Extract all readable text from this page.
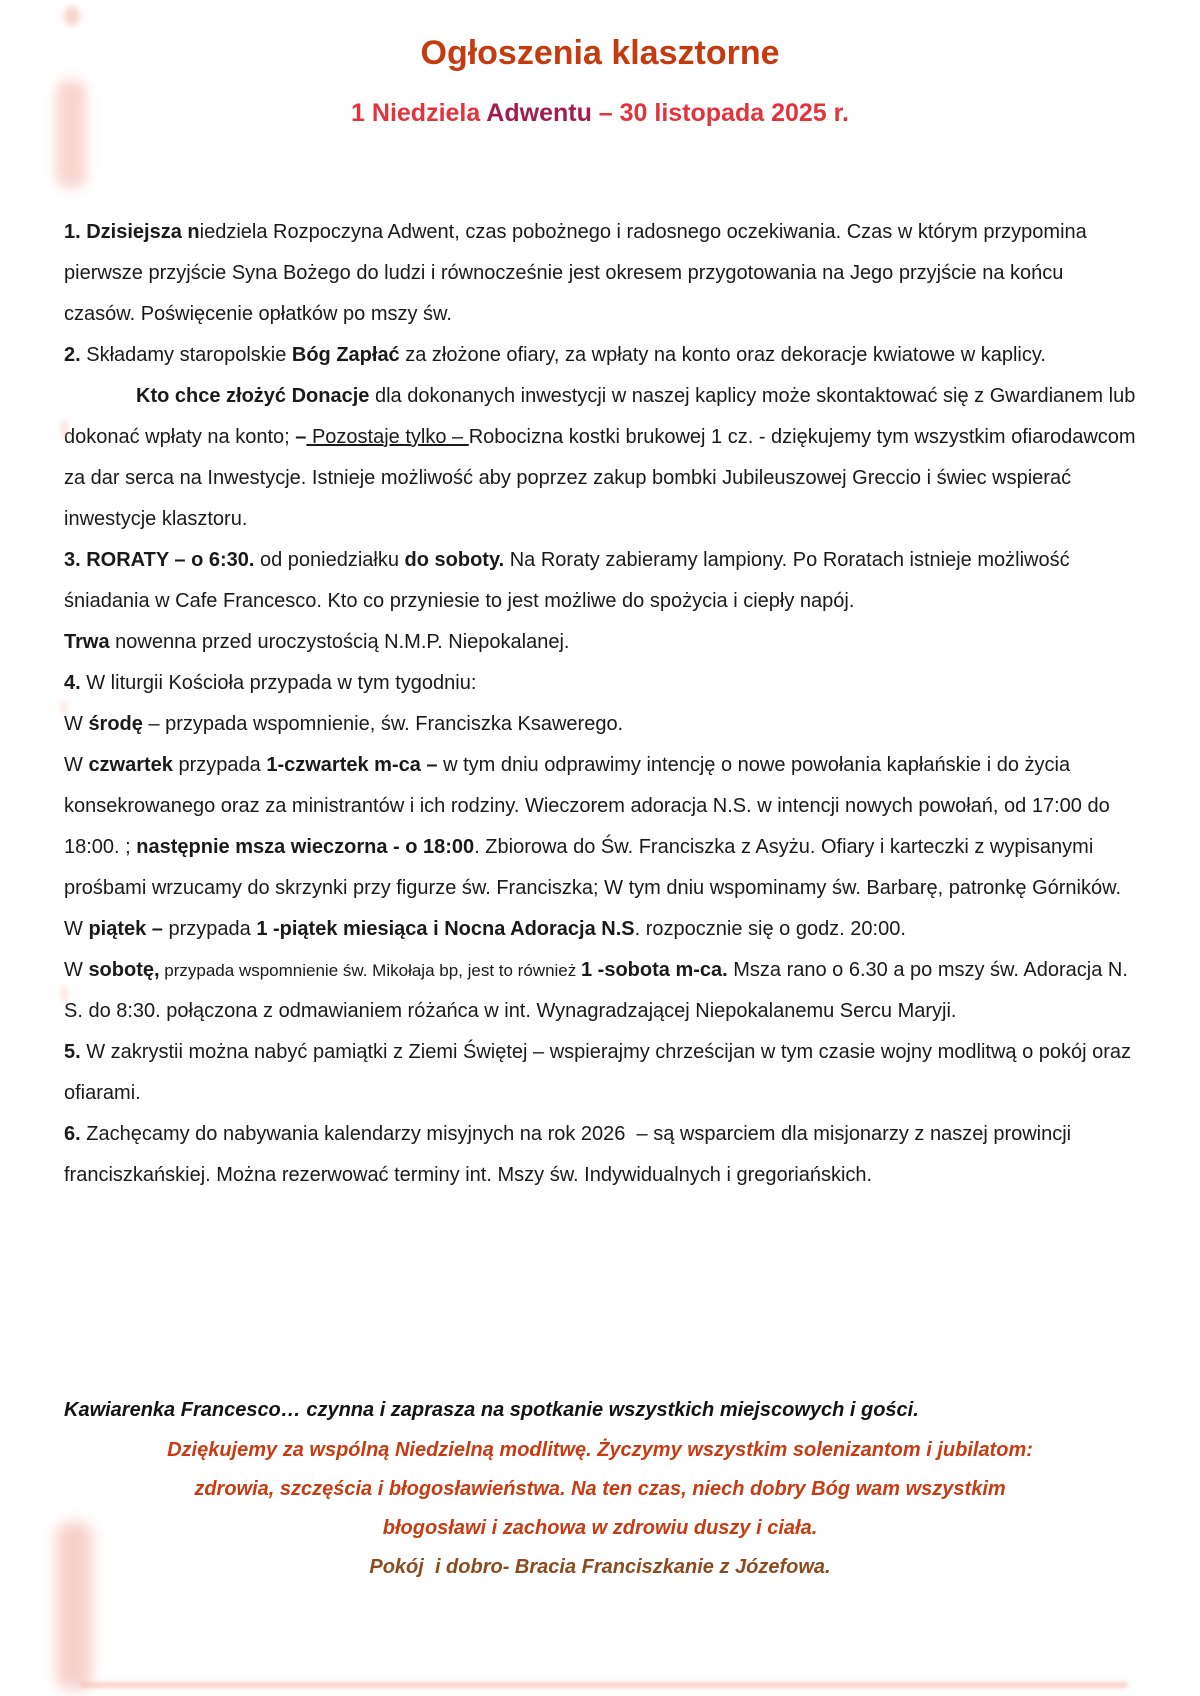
Ogłoszenia klasztorne
1 Niedziela Adwentu – 30 listopada 2025 r.

1. Dzisiejsza niedziela Rozpoczyna Adwent, czas pobożnego i radosnego oczekiwania. Czas w którym przypomina pierwsze przyjście Syna Bożego do ludzi i równocześnie jest okresem przygotowania na Jego przyjście na końcu czasów. Poświęcenie opłatków po mszy św.

2. Składamy staropolskie Bóg Zapłać za złożone ofiary, za wpłaty na konto oraz dekoracje kwiatowe w kaplicy.

Kto chce złożyć Donacje dla dokonanych inwestycji w naszej kaplicy może skontaktować się z Gwardianem lub dokonać wpłaty na konto; – Pozostaje tylko – Robocizna kostki brukowej 1 cz. - dziękujemy tym wszystkim ofiarodawcom za dar serca na Inwestycje. Istnieje możliwość aby poprzez zakup bombki Jubileuszowej Greccio i świec wspierać inwestycje klasztoru.

3. RORATY – o 6:30. od poniedziałku do soboty. Na Roraty zabieramy lampiony. Po Roratach istnieje możliwość śniadania w Cafe Francesco. Kto co przyniesie to jest możliwe do spożycia i ciepły napój.

Trwa nowenna przed uroczystością N.M.P. Niepokalanej.

4. W liturgii Kościoła przypada w tym tygodniu:

W środę – przypada wspomnienie, św. Franciszka Ksawerego.

W czwartek przypada 1-czwartek m-ca – w tym dniu odprawimy intencję o nowe powołania kapłańskie i do życia konsekrowanego oraz za ministrantów i ich rodziny. Wieczorem adoracja N.S. w intencji nowych powołań, od 17:00 do 18:00. ; następnie msza wieczorna - o 18:00. Zbiorowa do Św. Franciszka z Asyżu. Ofiary i karteczki z wypisanymi prośbami wrzucamy do skrzynki przy figurze św. Franciszka; W tym dniu wspominamy św. Barbarę, patronkę Górników.

W piątek – przypada 1 -piątek miesiąca i Nocna Adoracja N.S. rozpocznie się o godz. 20:00.

W sobotę, przypada wspomnienie św. Mikołaja bp, jest to również 1 -sobota m-ca. Msza rano o 6.30 a po mszy św. Adoracja N. S. do 8:30. połączona z odmawianiem różańca w int. Wynagradzającej Niepokalanemu Sercu Maryji.

5. W zakrystii można nabyć pamiątki z Ziemi Świętej – wspierajmy chrześcijan w tym czasie wojny modlitwą o pokój oraz ofiarami.

6. Zachęcamy do nabywania kalendarzy misyjnych na rok 2026  – są wsparciem dla misjonarzy z naszej prowincji franciszkańskiej. Można rezerwować terminy int. Mszy św. Indywidualnych i gregoriańskich.

Kawiarenka Francesco… czynna i zaprasza na spotkanie wszystkich miejscowych i gości.

Dziękujemy za wspólną Niedzielną modlitwę. Życzymy wszystkim solenizantom i jubilatom:

zdrowia, szczęścia i błogosławieństwa. Na ten czas, niech dobry Bóg wam wszystkim

błogosławi i zachowa w zdrowiu duszy i ciała.

Pokój  i dobro- Bracia Franciszkanie z Józefowa.
